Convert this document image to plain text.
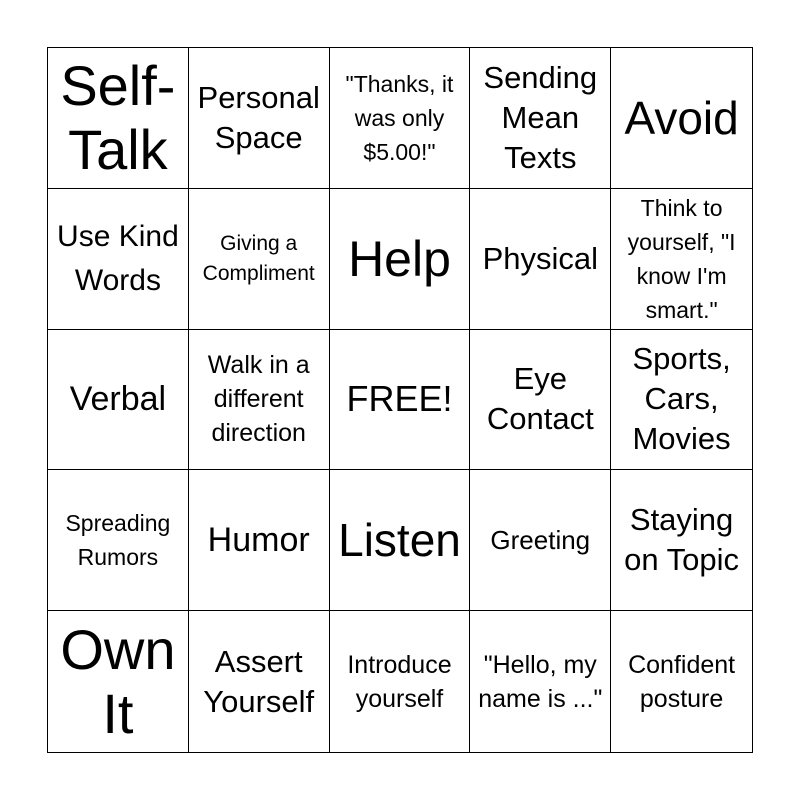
Self-Talk
Personal Space
"Thanks, it was only $5.00!"
Sending Mean Texts
Avoid
Use Kind Words
Giving a Compliment Help Physical
Think to yourself, "I know I'm smart."
Verbal
Walk in a different direction
FREE!	Eye Contact
Sports, Cars, Movies
Spreading Rumors	Humor Listen Greeting
Staying on Topic
Own It
Assert Yourself
Introduce yourself
"Hello, my name is ..."
Confident posture
